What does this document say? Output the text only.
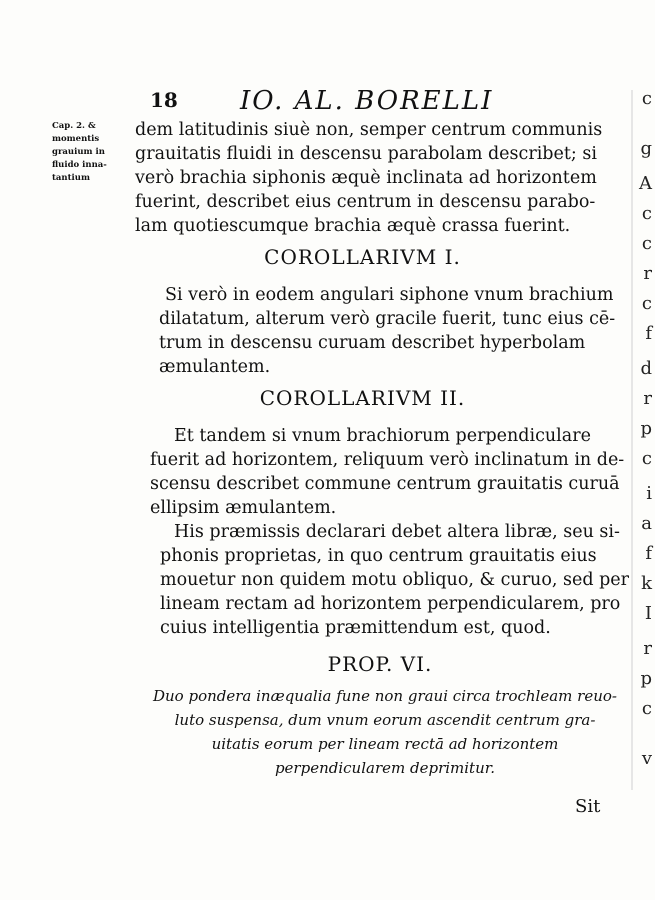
c
g
A
c
c
r
c
f
d
r
p
c
i
a
f
k
I
r
p
c
v
18 IO. AL. BORELLI
Cap. 2. &
momentis
grauium in
fluido inna-
tantium
dem latitudinis siuè non, semper centrum communis
grauitatis fluidi in descensu parabolam describet; si
verò brachia siphonis æquè inclinata ad horizontem
fuerint, describet eius centrum in descensu parabo-
lam quotiescumque brachia æquè crassa fuerint.
COROLLARIVM I.
Si verò in eodem angulari siphone vnum brachium
dilatatum, alterum verò gracile fuerit, tunc eius cē-
trum in descensu curuam describet hyperbolam
æmulantem.
COROLLARIVM II.
Et tandem si vnum brachiorum perpendiculare
fuerit ad horizontem, reliquum verò inclinatum in de-
scensu describet commune centrum grauitatis curuā
ellipsim æmulantem.
His præmissis declarari debet altera libræ, seu si-
phonis proprietas, in quo centrum grauitatis eius
mouetur non quidem motu obliquo, & curuo, sed per
lineam rectam ad horizontem perpendicularem, pro
cuius intelligentia præmittendum est, quod.
PROP. VI.
Duo pondera inæqualia fune non graui circa trochleam reuo-
luto suspensa, dum vnum eorum ascendit centrum gra-
uitatis eorum per lineam rectā ad horizontem
perpendicularem deprimitur.
Sit
